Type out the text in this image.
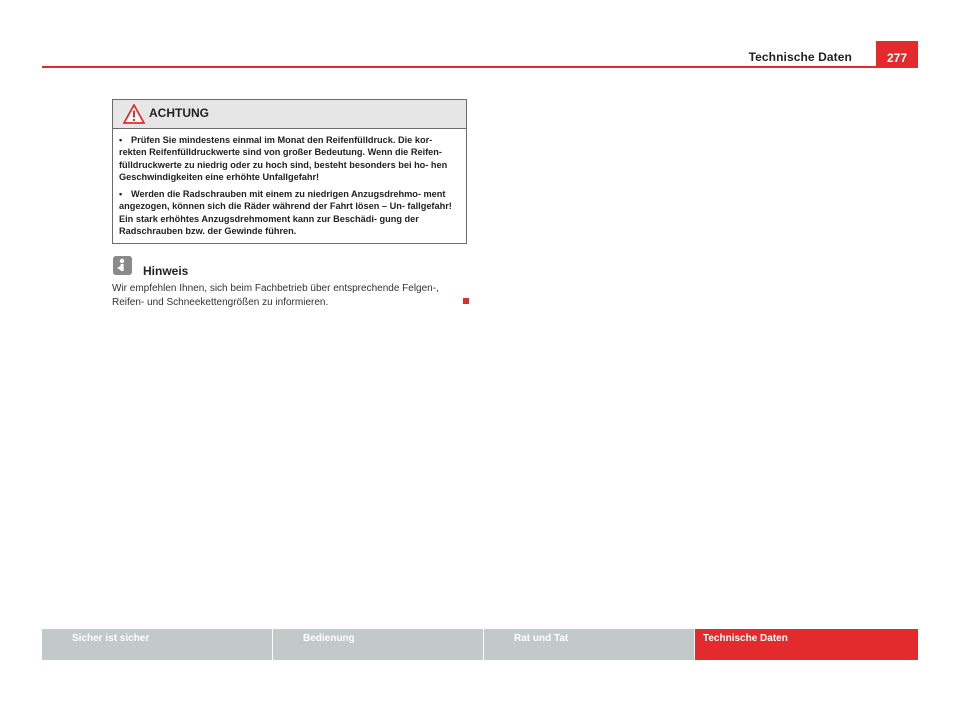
Technische Daten	277
ACHTUNG
• Prüfen Sie mindestens einmal im Monat den Reifenfülldruck. Die kor- rekten Reifenfülldruckwerte sind von großer Bedeutung. Wenn die Reifen- fülldruckwerte zu niedrig oder zu hoch sind, besteht besonders bei ho- hen Geschwindigkeiten eine erhöhte Unfallgefahr!
• Werden die Radschrauben mit einem zu niedrigen Anzugsdrehmo- ment angezogen, können sich die Räder während der Fahrt lösen – Un- fallgefahr! Ein stark erhöhtes Anzugsdrehmoment kann zur Beschädi- gung der Radschrauben bzw. der Gewinde führen.
Hinweis
Wir empfehlen Ihnen, sich beim Fachbetrieb über entsprechende Felgen-, Reifen- und Schneekettengrößen zu informieren.
Sicher ist sicher	Bedienung	Rat und Tat	Technische Daten
